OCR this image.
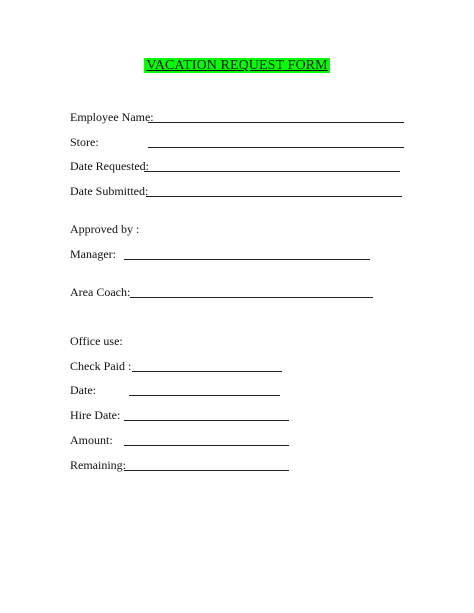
VACATION REQUEST FORM
Employee Name:
Store:
Date Requested:
Date Submitted:
Approved by :
Manager:
Area Coach:
Office use:
Check Paid :
Date:
Hire Date:
Amount:
Remaining:
